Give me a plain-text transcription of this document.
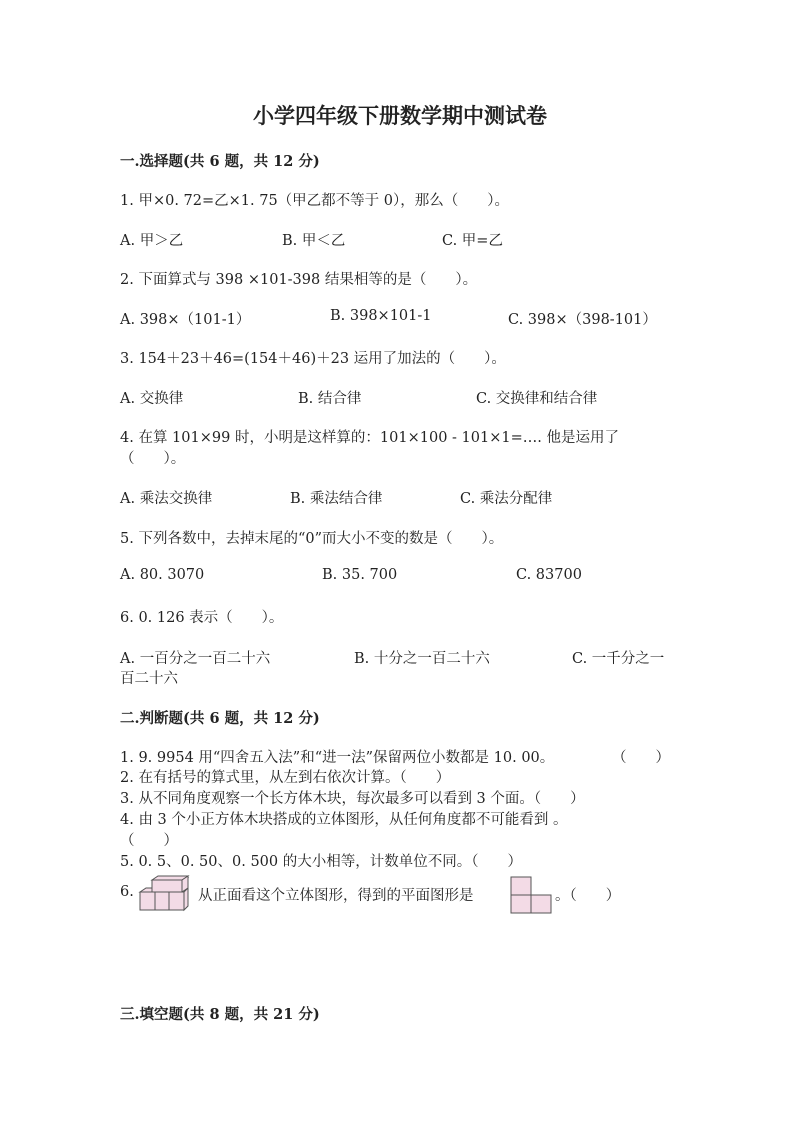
小学四年级下册数学期中测试卷
一.选择题(共 6 题，共 12 分)
1. 甲×0. 72=乙×1. 75（甲乙都不等于 0），那么（　　）。
A. 甲＞乙	B. 甲＜乙	C. 甲=乙
2. 下面算式与 398 ×101-398 结果相等的是（　　）。
A. 398×（101-1）	B. 398×101-1	C. 398×（398-101）
3. 154＋23＋46=(154＋46)＋23 运用了加法的（　　）。
A. 交换律	B. 结合律	C. 交换律和结合律
4. 在算 101×99 时，小明是这样算的：101×100 - 101×1=…. 他是运用了
（　　）。
A. 乘法交换律	B. 乘法结合律	C. 乘法分配律
5. 下列各数中，去掉末尾的“0”而大小不变的数是（　　）。
A. 80. 3070	B. 35. 700	C. 83700
6. 0. 126 表示（　　）。
A. 一百分之一百二十六	B. 十分之一百二十六	C. 一千分之一
百二十六
二.判断题(共 6 题，共 12 分)
1. 9. 9954 用“四舍五入法”和“进一法”保留两位小数都是 10. 00。	（　　）
2. 在有括号的算式里，从左到右依次计算。（　　）
3. 从不同角度观察一个长方体木块，每次最多可以看到 3 个面。（　　）
4. 由 3 个小正方体木块搭成的立体图形，从任何角度都不可能看到 。
（　　）
5. 0. 5、0. 50、0. 500 的大小相等，计数单位不同。（　　）
6.	从正面看这个立体图形，得到的平面图形是	。（　　）
三.填空题(共 8 题，共 21 分)
